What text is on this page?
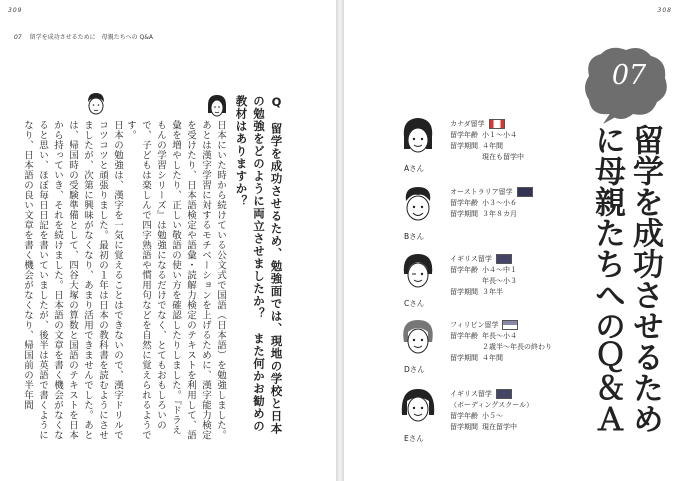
309
07 留学を成功させるために　母親たちへの Q&A
Q　留学を成功させるため、勉強面では、現地の学校と日本の勉強をどのように両立させましたか？　また何かお勧めの教材はありますか？
日本にいた時から続けている公文式で国語（日本語）を勉強しました。あとは漢字学習に対するモチベーションを上げるために、漢字能力検定を受けたり、日本語検定や語彙・読解力検定のテキストを利用して、語彙を増やしたり、正しい敬語の使い方を確認したりしました。『ドラえもんの学習シリーズ』は勉強になるだけでなく、とてもおもしろいので、子どもは楽しんで四字熟語や慣用句などを自然に覚えられるようです。
日本の勉強は、漢字を一気に覚えることはできないので、漢字ドリルでコツコツと頑張りました。最初の１年は日本の教科書を読むようにさせましたが、次第に興味がなくなり、あまり活用できませんでした。あとは、帰国時の受験準備として、四谷大塚の算数と国語のテキストを日本から持っていき、それを続けました。日本語の文章を書く機会がなくなると思い、ほぼ毎日日記を書いていましたが、後半は英語で書くようになり、日本語の良い文章を書く機会がなくなり、帰国前の半年間
308
07
留学を成功させるために母親たちへのＱ＆Ａ
Aさん
カナダ留学
留学年齢 小１〜小４
留学期間 ４年間
現在も留学中
Bさん
オーストラリア留学
留学年齢 小３〜小６
留学期間 ３年８カ月
Cさん
イギリス留学
留学年齢 小４〜中１
年長〜小３
留学期間 ３年半
Dさん
フィリピン留学
留学年齢 年長〜小４
２歳半〜年長の終わり
留学期間 ４年間
Eさん
イギリス留学
（ボーディングスクール）
留学年齢 小５〜
留学期間 現在留学中
